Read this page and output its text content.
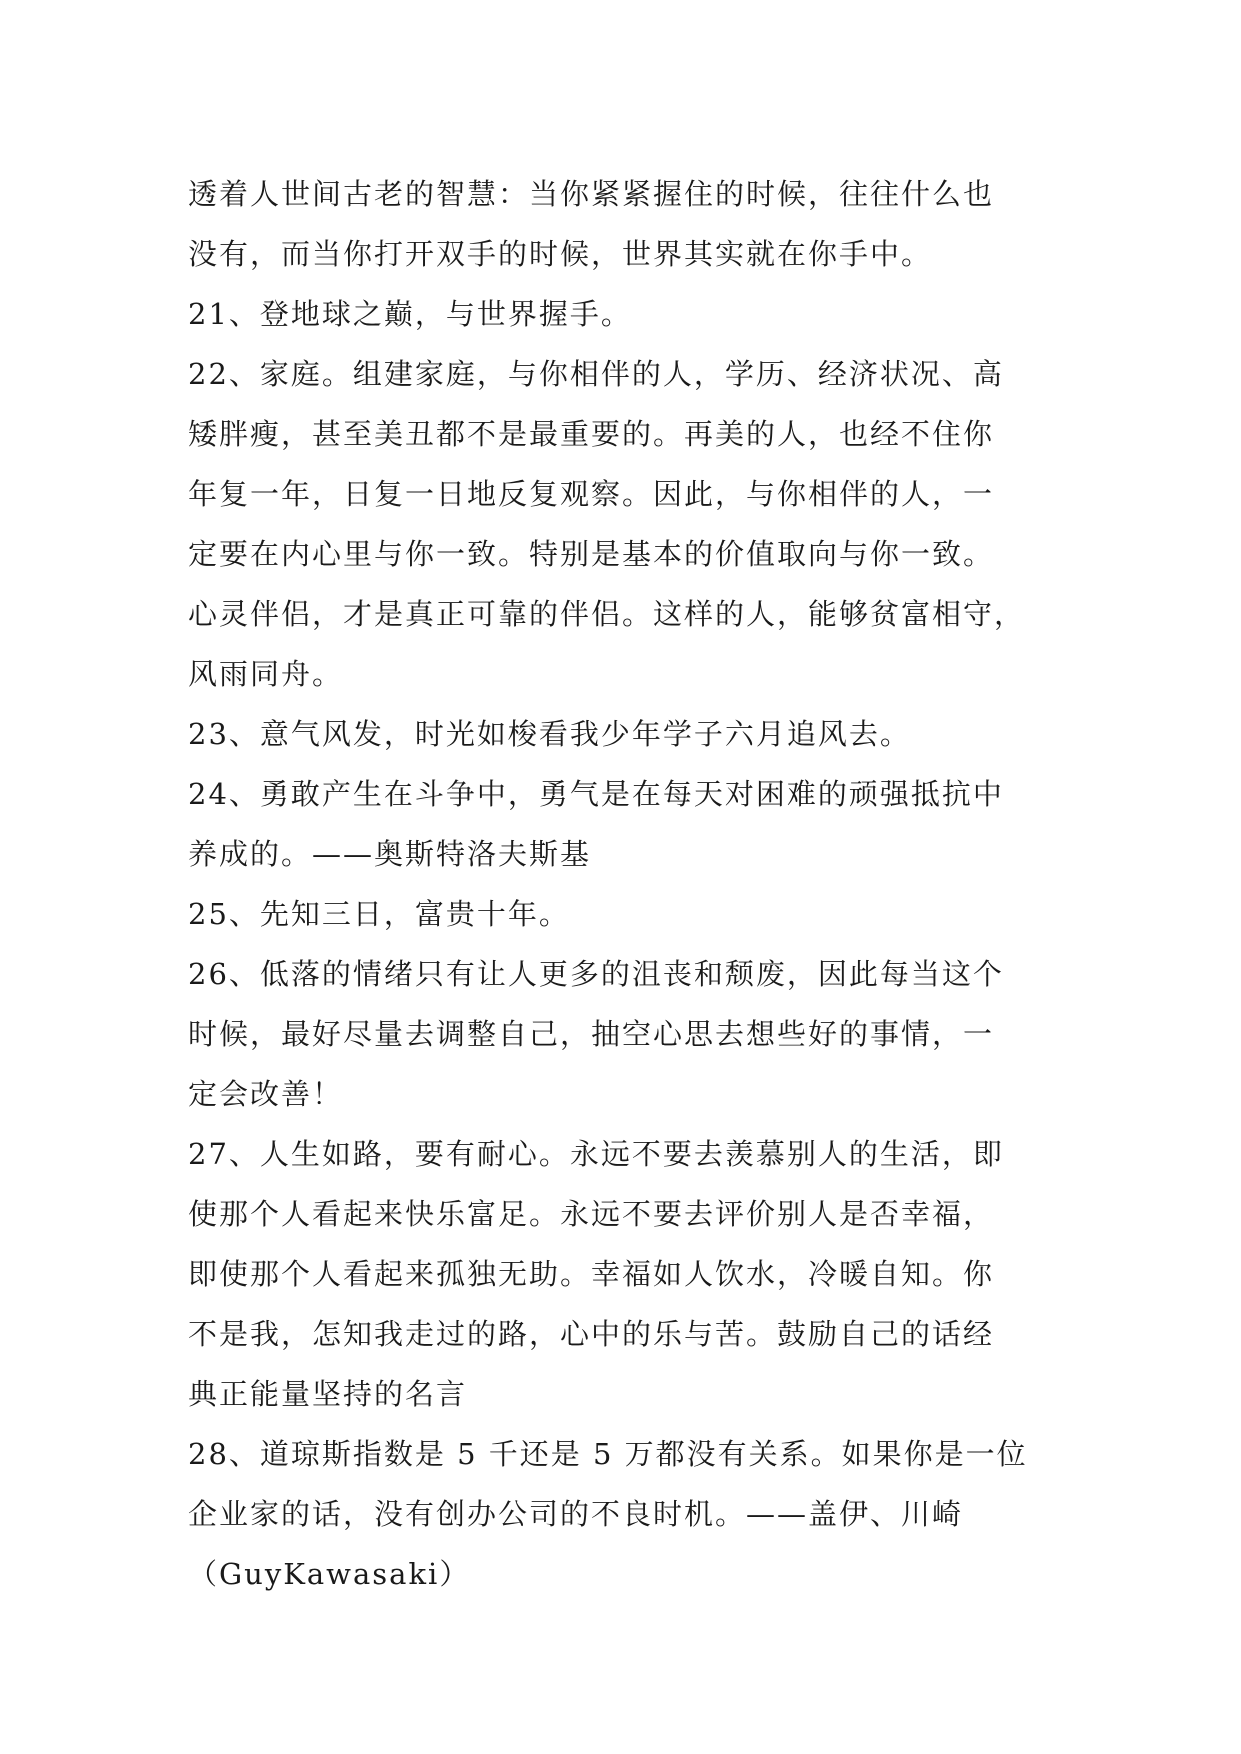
透着人世间古老的智慧：当你紧紧握住的时候，往往什么也
没有，而当你打开双手的时候，世界其实就在你手中。
21、登地球之巅，与世界握手。
22、家庭。组建家庭，与你相伴的人，学历、经济状况、高
矮胖瘦，甚至美丑都不是最重要的。再美的人，也经不住你
年复一年，日复一日地反复观察。因此，与你相伴的人，一
定要在内心里与你一致。特别是基本的价值取向与你一致。
心灵伴侣，才是真正可靠的伴侣。这样的人，能够贫富相守，
风雨同舟。
23、意气风发，时光如梭看我少年学子六月追风去。
24、勇敢产生在斗争中，勇气是在每天对困难的顽强抵抗中
养成的。——奥斯特洛夫斯基
25、先知三日，富贵十年。
26、低落的情绪只有让人更多的沮丧和颓废，因此每当这个
时候，最好尽量去调整自己，抽空心思去想些好的事情，一
定会改善！
27、人生如路，要有耐心。永远不要去羡慕别人的生活，即
使那个人看起来快乐富足。永远不要去评价别人是否幸福，
即使那个人看起来孤独无助。幸福如人饮水，冷暖自知。你
不是我，怎知我走过的路，心中的乐与苦。鼓励自己的话经
典正能量坚持的名言
28、道琼斯指数是 5 千还是 5 万都没有关系。如果你是一位
企业家的话，没有创办公司的不良时机。——盖伊、川崎
（GuyKawasaki）
